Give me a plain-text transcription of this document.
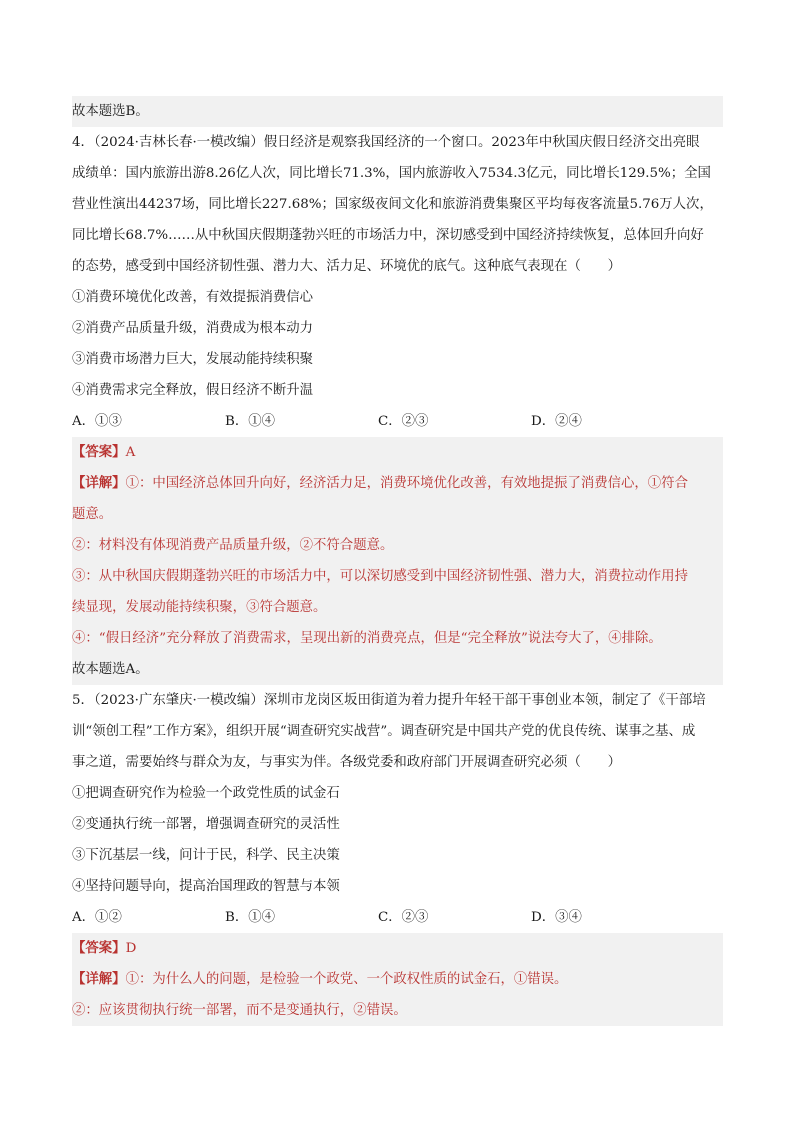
故本题选B。
4．（2024·吉林长春·一模改编）假日经济是观察我国经济的一个窗口。2023年中秋国庆假日经济交出亮眼
成绩单：国内旅游出游8.26亿人次，同比增长71.3%，国内旅游收入7534.3亿元，同比增长129.5%；全国
营业性演出44237场，同比增长227.68%；国家级夜间文化和旅游消费集聚区平均每夜客流量5.76万人次，
同比增长68.7%……从中秋国庆假期蓬勃兴旺的市场活力中，深切感受到中国经济持续恢复，总体回升向好
的态势，感受到中国经济韧性强、潜力大、活力足、环境优的底气。这种底气表现在（　　）
①消费环境优化改善，有效提振消费信心
②消费产品质量升级，消费成为根本动力
③消费市场潜力巨大，发展动能持续积聚
④消费需求完全释放，假日经济不断升温
A．①③	B．①④	C．②③	D．②④
【答案】A
【详解】①：中国经济总体回升向好，经济活力足，消费环境优化改善，有效地提振了消费信心，①符合
题意。
②：材料没有体现消费产品质量升级，②不符合题意。
③：从中秋国庆假期蓬勃兴旺的市场活力中，可以深切感受到中国经济韧性强、潜力大，消费拉动作用持
续显现，发展动能持续积聚，③符合题意。
④：“假日经济”充分释放了消费需求，呈现出新的消费亮点，但是“完全释放”说法夸大了，④排除。
故本题选A。
5．（2023·广东肇庆·一模改编）深圳市龙岗区坂田街道为着力提升年轻干部干事创业本领，制定了《干部培
训“领创工程”工作方案》，组织开展“调查研究实战营”。调查研究是中国共产党的优良传统、谋事之基、成
事之道，需要始终与群众为友，与事实为伴。各级党委和政府部门开展调查研究必须（　　）
①把调查研究作为检验一个政党性质的试金石
②变通执行统一部署，增强调查研究的灵活性
③下沉基层一线，问计于民，科学、民主决策
④坚持问题导向，提高治国理政的智慧与本领
A．①②	B．①④	C．②③	D．③④
【答案】D
【详解】①：为什么人的问题，是检验一个政党、一个政权性质的试金石，①错误。
②：应该贯彻执行统一部署，而不是变通执行，②错误。
